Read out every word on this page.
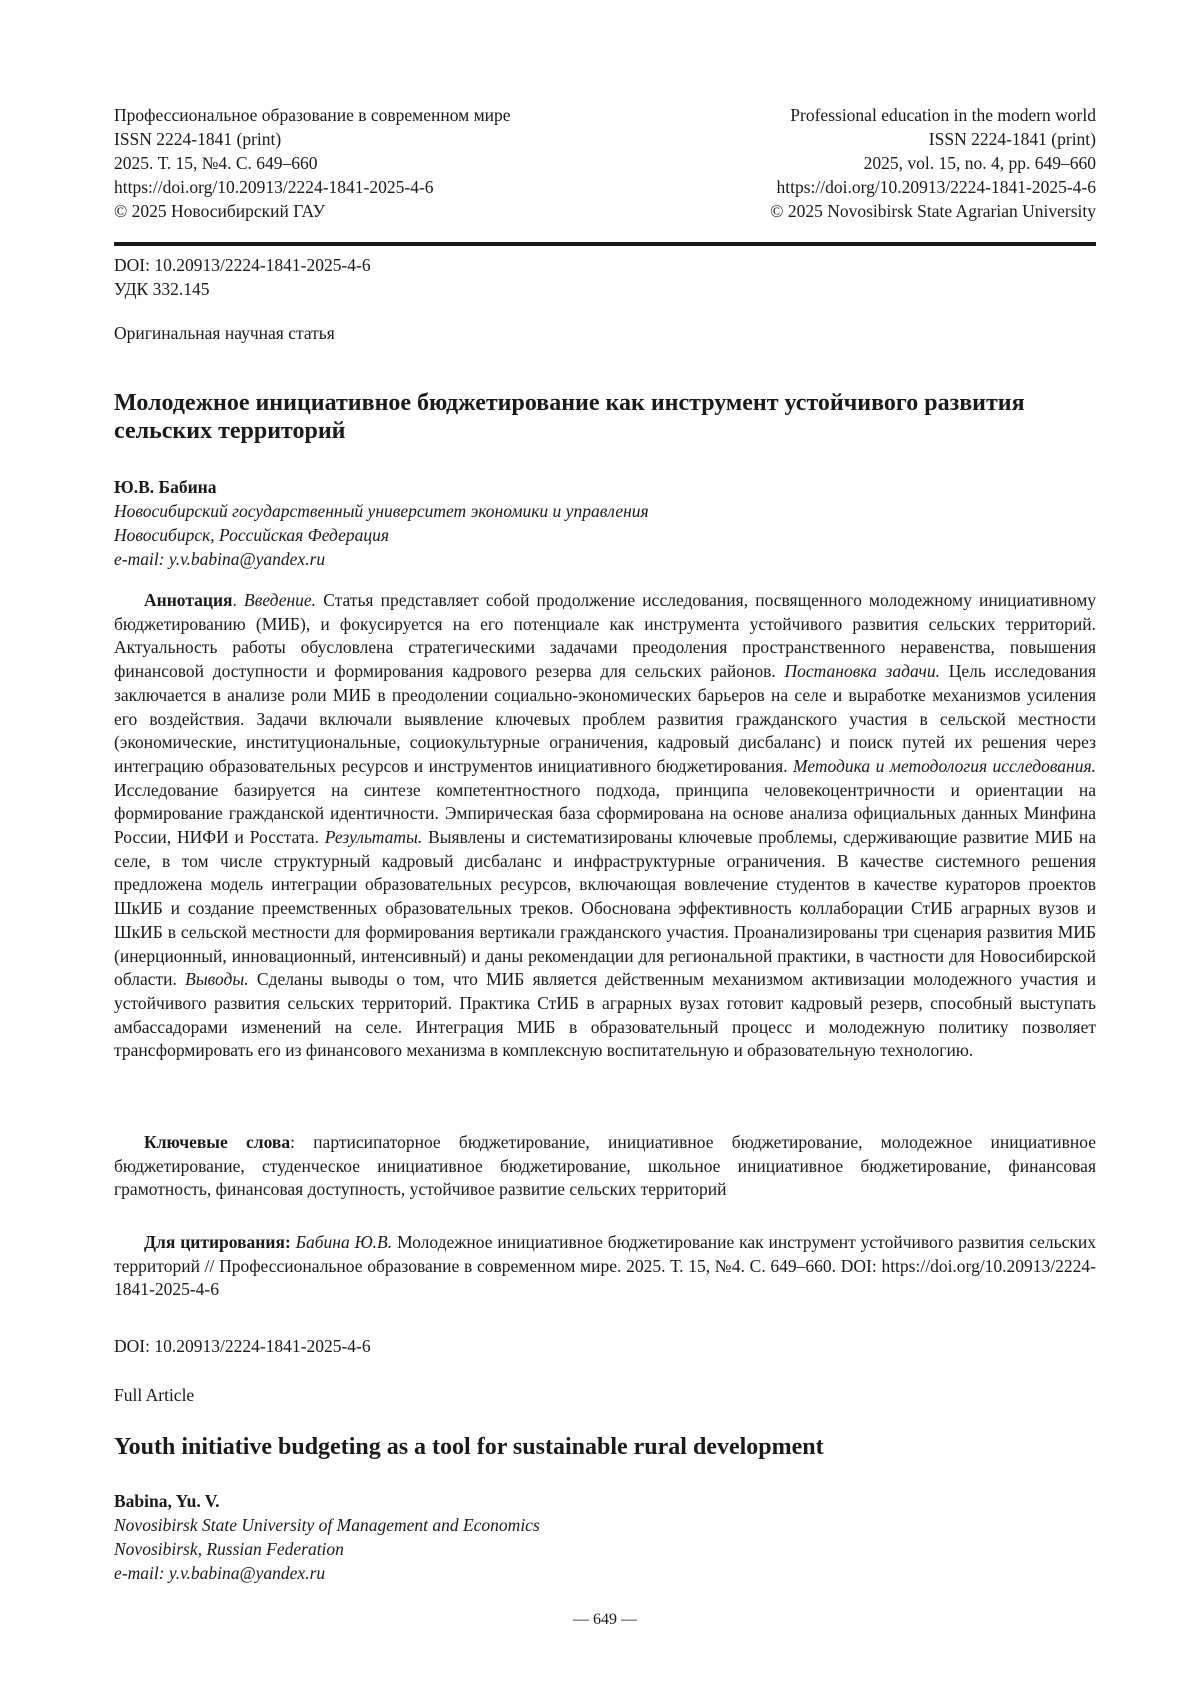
Профессиональное образование в современном мире
ISSN 2224-1841 (print)
2025. Т. 15, №4. С. 649–660
https://doi.org/10.20913/2224-1841-2025-4-6
© 2025 Новосибирский ГАУ
Professional education in the modern world
ISSN 2224-1841 (print)
2025, vol. 15, no. 4, pp. 649–660
https://doi.org/10.20913/2224-1841-2025-4-6
© 2025 Novosibirsk State Agrarian University
DOI: 10.20913/2224-1841-2025-4-6
УДК 332.145
Оригинальная научная статья
Молодежное инициативное бюджетирование как инструмент устойчивого развития сельских территорий
Ю.В. Бабина
Новосибирский государственный университет экономики и управления
Новосибирск, Российская Федерация
e-mail: y.v.babina@yandex.ru
Аннотация. Введение. Статья представляет собой продолжение исследования, посвященного молодежному инициативному бюджетированию (МИБ), и фокусируется на его потенциале как инструмента устойчивого развития сельских территорий. Актуальность работы обусловлена стратегическими задачами преодоления пространственного неравенства, повышения финансовой доступности и формирования кадрового резерва для сельских районов. Постановка задачи. Цель исследования заключается в анализе роли МИБ в преодолении социально-экономических барьеров на селе и выработке механизмов усиления его воздействия. Задачи включали выявление ключевых проблем развития гражданского участия в сельской местности (экономические, институциональные, социокультурные ограничения, кадровый дисбаланс) и поиск путей их решения через интеграцию образовательных ресурсов и инструментов инициативного бюджетирования. Методика и методология исследования. Исследование базируется на синтезе компетентностного подхода, принципа человекоцентричности и ориентации на формирование гражданской идентичности. Эмпирическая база сформирована на основе анализа официальных данных Минфина России, НИФИ и Росстата. Результаты. Выявлены и систематизированы ключевые проблемы, сдерживающие развитие МИБ на селе, в том числе структурный кадровый дисбаланс и инфраструктурные ограничения. В качестве системного решения предложена модель интеграции образовательных ресурсов, включающая вовлечение студентов в качестве кураторов проектов ШкИБ и создание преемственных образовательных треков. Обоснована эффективность коллаборации СтИБ аграрных вузов и ШкИБ в сельской местности для формирования вертикали гражданского участия. Проанализированы три сценария развития МИБ (инерционный, инновационный, интенсивный) и даны рекомендации для региональной практики, в частности для Новосибирской области. Выводы. Сделаны выводы о том, что МИБ является действенным механизмом активизации молодежного участия и устойчивого развития сельских территорий. Практика СтИБ в аграрных вузах готовит кадровый резерв, способный выступать амбассадорами изменений на селе. Интеграция МИБ в образовательный процесс и молодежную политику позволяет трансформировать его из финансового механизма в комплексную воспитательную и образовательную технологию.
Ключевые слова: партисипаторное бюджетирование, инициативное бюджетирование, молодежное инициативное бюджетирование, студенческое инициативное бюджетирование, школьное инициативное бюджетирование, финансовая грамотность, финансовая доступность, устойчивое развитие сельских территорий
Для цитирования: Бабина Ю.В. Молодежное инициативное бюджетирование как инструмент устойчивого развития сельских территорий // Профессиональное образование в современном мире. 2025. Т. 15, №4. С. 649–660. DOI: https://doi.org/10.20913/2224-1841-2025-4-6
DOI: 10.20913/2224-1841-2025-4-6
Full Article
Youth initiative budgeting as a tool for sustainable rural development
Babina, Yu. V.
Novosibirsk State University of Management and Economics
Novosibirsk, Russian Federation
e-mail: y.v.babina@yandex.ru
— 649 —
